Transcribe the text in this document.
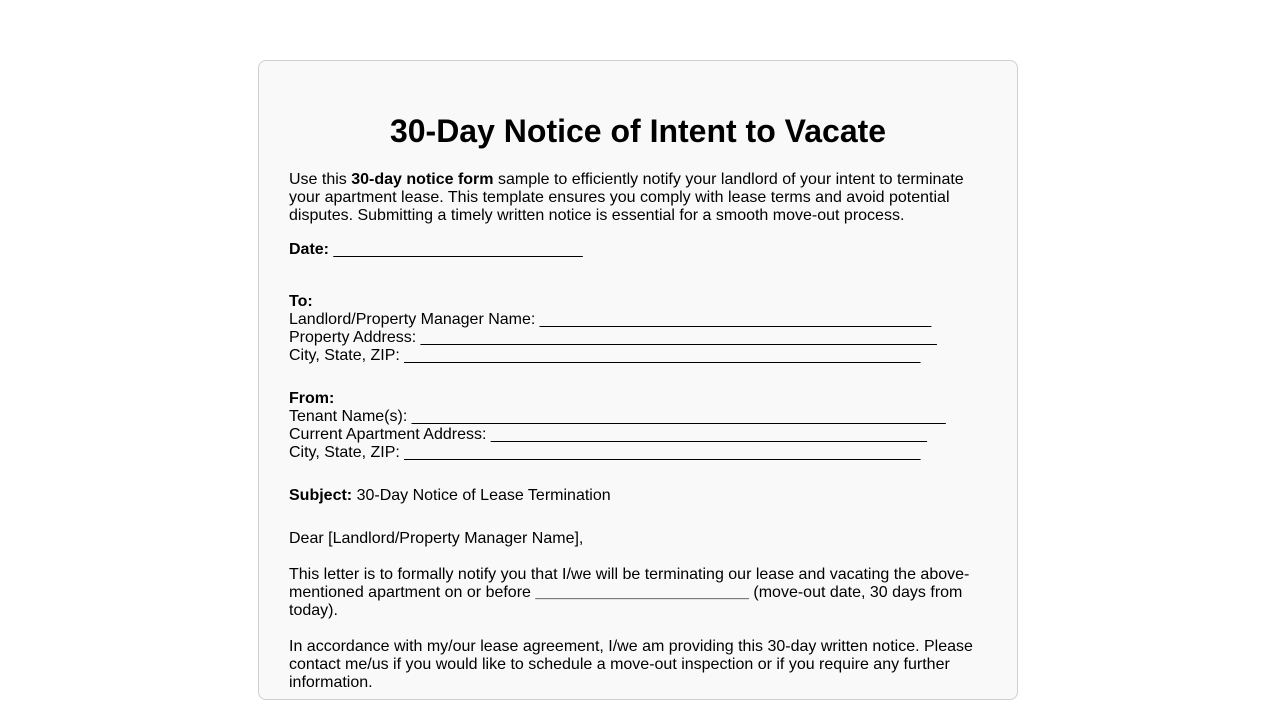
30-Day Notice of Intent to Vacate

Use this 30-day notice form sample to efficiently notify your landlord of your intent to terminate your apartment lease. This template ensures you comply with lease terms and avoid potential disputes. Submitting a timely written notice is essential for a smooth move-out process.

Date: ____________________________
To:
Landlord/Property Manager Name: ____________________________________________
Property Address: __________________________________________________________
City, State, ZIP: __________________________________________________________
From:
Tenant Name(s): ____________________________________________________________
Current Apartment Address: _________________________________________________
City, State, ZIP: __________________________________________________________

Subject: 30-Day Notice of Lease Termination

Dear [Landlord/Property Manager Name],

This letter is to formally notify you that I/we will be terminating our lease and vacating the above-mentioned apartment on or before ________________________ (move-out date, 30 days from today).

In accordance with my/our lease agreement, I/we am providing this 30-day written notice. Please contact me/us if you would like to schedule a move-out inspection or if you require any further information.
